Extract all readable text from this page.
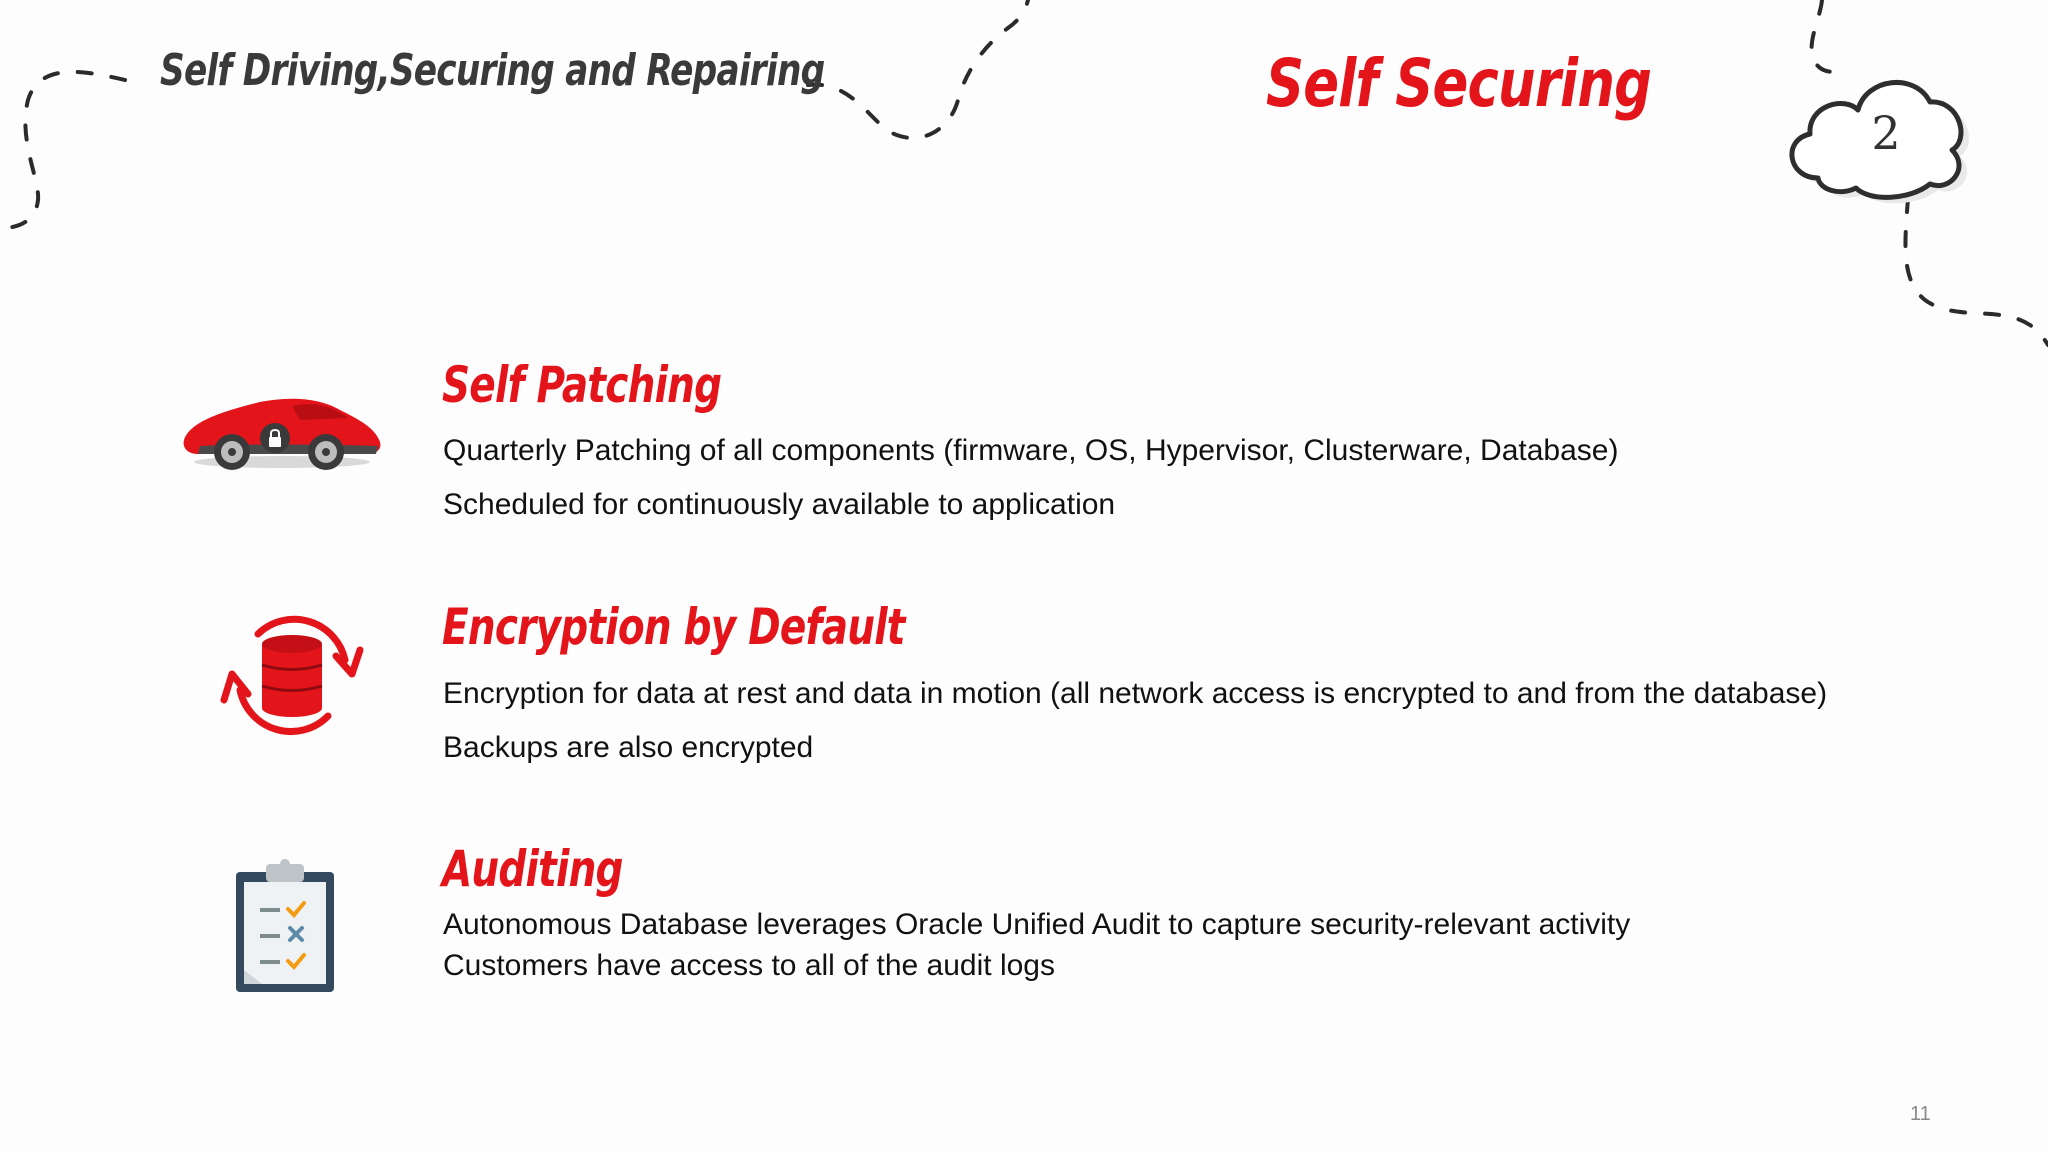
Self Driving,Securing and Repairing	Self Securing
2
Self Patching
Quarterly Patching of all components (firmware, OS, Hypervisor, Clusterware, Database)
Scheduled for continuously available to application
Encryption by Default
Encryption for data at rest and data in motion (all network access is encrypted to and from the database)
Backups are also encrypted
Auditing
Autonomous Database leverages Oracle Unified Audit to capture security-relevant activity
Customers have access to all of the audit logs
11
